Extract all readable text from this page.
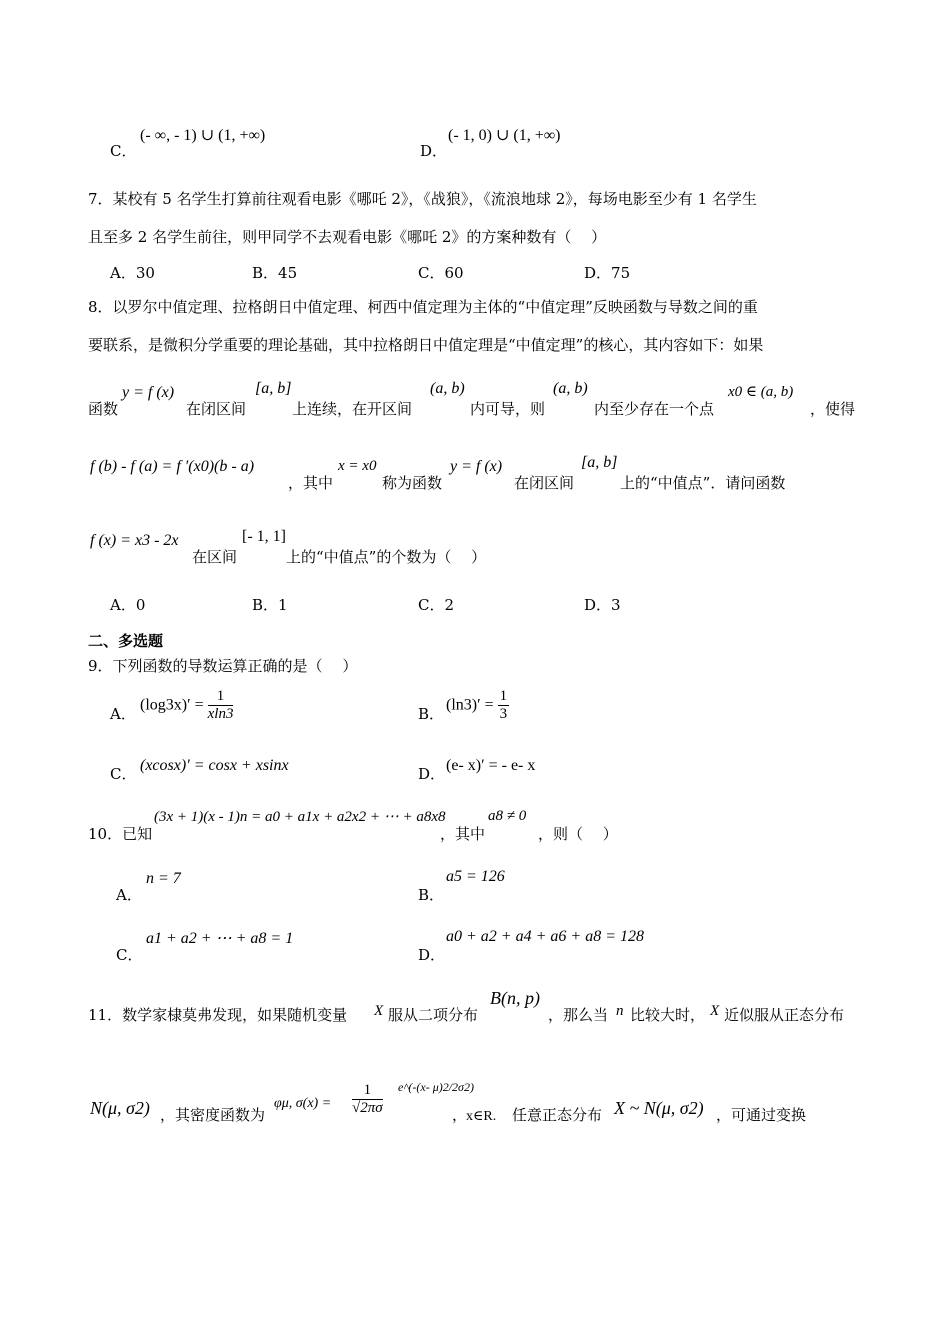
C．
(- ∞, - 1) ∪ (1, +∞)
D．
(- 1, 0) ∪ (1, +∞)
7．某校有 5 名学生打算前往观看电影《哪吒 2》，《战狼》，《流浪地球 2》，每场电影至少有 1 名学生
且至多 2 名学生前往，则甲同学不去观看电影《哪吒 2》的方案种数有（　 ）
A．30	B．45	C．60	D．75
8．以罗尔中值定理、拉格朗日中值定理、柯西中值定理为主体的“中值定理”反映函数与导数之间的重
要联系，是微积分学重要的理论基础，其中拉格朗日中值定理是“中值定理”的核心，其内容如下：如果
函数
y = f (x)
在闭区间
[a, b]
上连续，在开区间
(a, b)
内可导，则
(a, b)
内至少存在一个点
x0 ∈ (a, b)
，使得
f (b) - f (a) = f ′(x0)(b - a)
，其中
x = x0
称为函数
y = f (x)
在闭区间
[a, b]
上的“中值点”．请问函数
f (x) = x3 - 2x
在区间
[- 1, 1]
上的“中值点”的个数为（　 ）
A．0	B．1	C．2	D．3
二、多选题
9．下列函数的导数运算正确的是（　 ）
A． $(\log 3x)' = \frac{1}{xln3}$	B． $(\ln 3)' = \frac{1}{3}$
C． (xcosx)′ = cosx + xsinx	D． (e- x)′ = - e- x
10．已知
(3x + 1)(x - 1)n = a0 + a1x + a2x2 + ⋯ + a8x8
，其中
a8 ≠ 0
，则（　 ）
A．
n = 7
B．
a5 = 126
C．
a1 + a2 + ⋯ + a8 = 1
D．
a0 + a2 + a4 + a6 + a8 = 128
11．数学家棣莫弗发现，如果随机变量 X 服从二项分布
B(n, p)
，那么当 n 比较大时， X 近似服从正态分布
N(μ, σ2) ，其密度函数为
φμ, $\sigma(x) = \frac{1}{√2\pi\sigma}$ e^(-(x- μ)2/2σ2)
，
x∈R. 任意正态分布 X ~ N(μ, σ2) ，可通过变换
